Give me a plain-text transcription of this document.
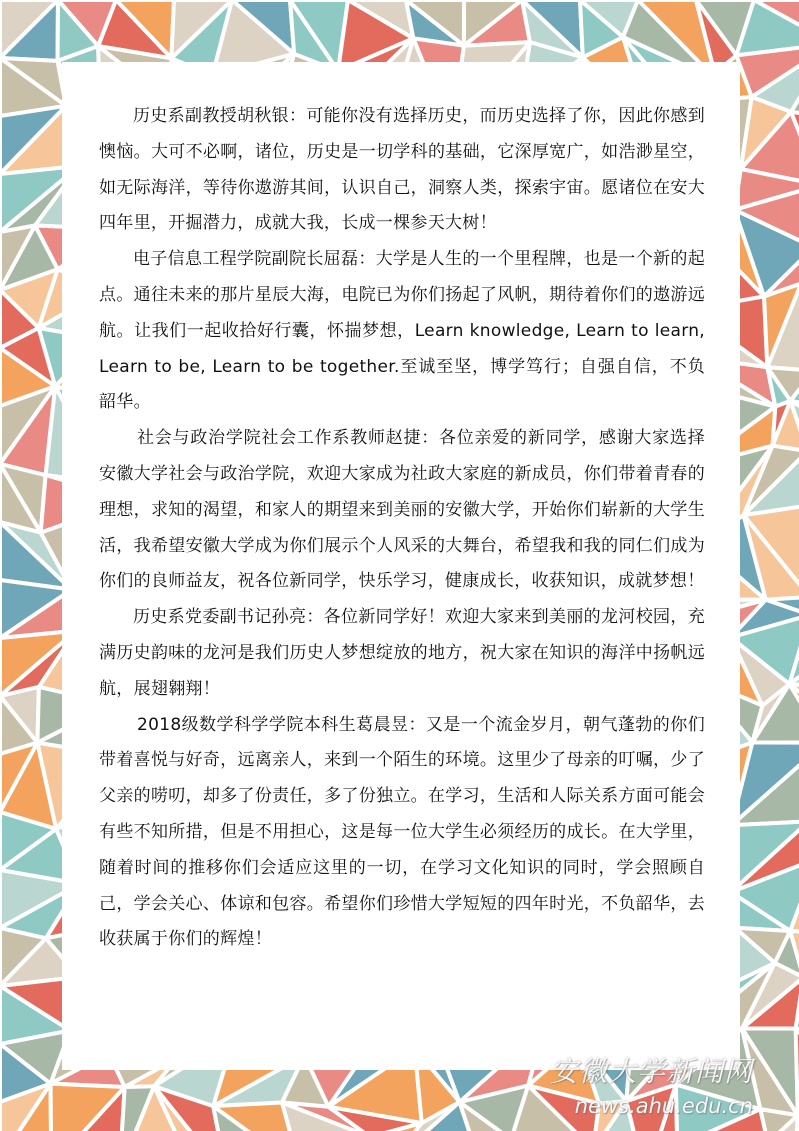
历史系副教授胡秋银：可能你没有选择历史，而历史选择了你，因此你感到懊恼。大可不必啊，诸位，历史是一切学科的基础，它深厚宽广，如浩渺星空，如无际海洋，等待你遨游其间，认识自己，洞察人类，探索宇宙。愿诸位在安大四年里，开掘潜力，成就大我，长成一棵参天大树！

电子信息工程学院副院长屈磊：大学是人生的一个里程牌，也是一个新的起点。通往未来的那片星辰大海，电院已为你们扬起了风帆，期待着你们的遨游远航。让我们一起收拾好行囊，怀揣梦想，Learn knowledge, Learn to learn, Learn to be, Learn to be together.至诚至坚，博学笃行；自强自信，不负韶华。

社会与政治学院社会工作系教师赵捷：各位亲爱的新同学，感谢大家选择安徽大学社会与政治学院，欢迎大家成为社政大家庭的新成员，你们带着青春的理想，求知的渴望，和家人的期望来到美丽的安徽大学，开始你们崭新的大学生活，我希望安徽大学成为你们展示个人风采的大舞台，希望我和我的同仁们成为你们的良师益友，祝各位新同学，快乐学习，健康成长，收获知识，成就梦想！

历史系党委副书记孙亮：各位新同学好！欢迎大家来到美丽的龙河校园，充满历史韵味的龙河是我们历史人梦想绽放的地方，祝大家在知识的海洋中扬帆远航，展翅翱翔！

2018级数学科学学院本科生葛晨昱：又是一个流金岁月，朝气蓬勃的你们带着喜悦与好奇，远离亲人，来到一个陌生的环境。这里少了母亲的叮嘱，少了父亲的唠叨，却多了份责任，多了份独立。在学习，生活和人际关系方面可能会有些不知所措，但是不用担心，这是每一位大学生必须经历的成长。在大学里，随着时间的推移你们会适应这里的一切，在学习文化知识的同时，学会照顾自己，学会关心、体谅和包容。希望你们珍惜大学短短的四年时光，不负韶华，去收获属于你们的辉煌！

安徽大学新闻网
news.ahu.edu.cn
